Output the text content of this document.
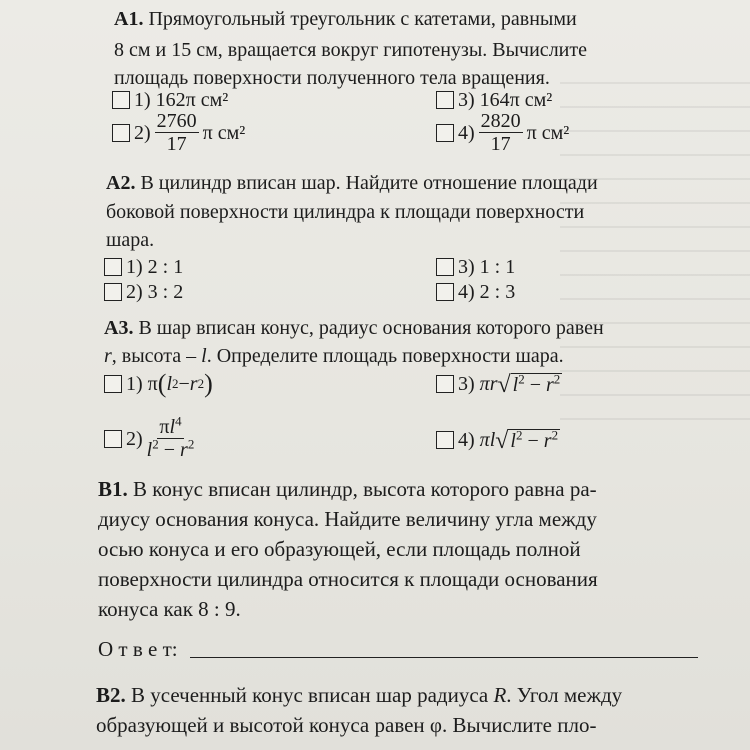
А1. Прямоугольный треугольник с катетами, равными
8 см и 15 см, вращается вокруг гипотенузы. Вычислите
площадь поверхности полученного тела вращения.
1)
162π см²
$2) \frac{2760}{17}$ π см²
3)
164π см²
$4) \frac{2820}{17}$ π см²
А2. В цилиндр вписан шар. Найдите отношение площади
боковой поверхности цилиндра к площади поверхности
шара.
1)
2 : 1
2)
3 : 2
3)
1 : 1
4)
2 : 3
А3. В шар вписан конус, радиус основания которого равен
r, высота – l. Определите площадь поверхности шара.
1)
π ( l 2 − r 2 )
$2) \frac{\pi l^4}{l^2 - r^2}$
3)
πr √ $l^2 - r^2$
4)
πl √ $l^2 - r^2$
В1. В конус вписан цилиндр, высота которого равна ра-
диусу основания конуса. Найдите величину угла между
осью конуса и его образующей, если площадь полной
поверхности цилиндра относится к площади основания
конуса как 8 : 9.
О т в е т:
В2. В усеченный конус вписан шар радиуса R. Угол между
образующей и высотой конуса равен φ. Вычислите пло-
